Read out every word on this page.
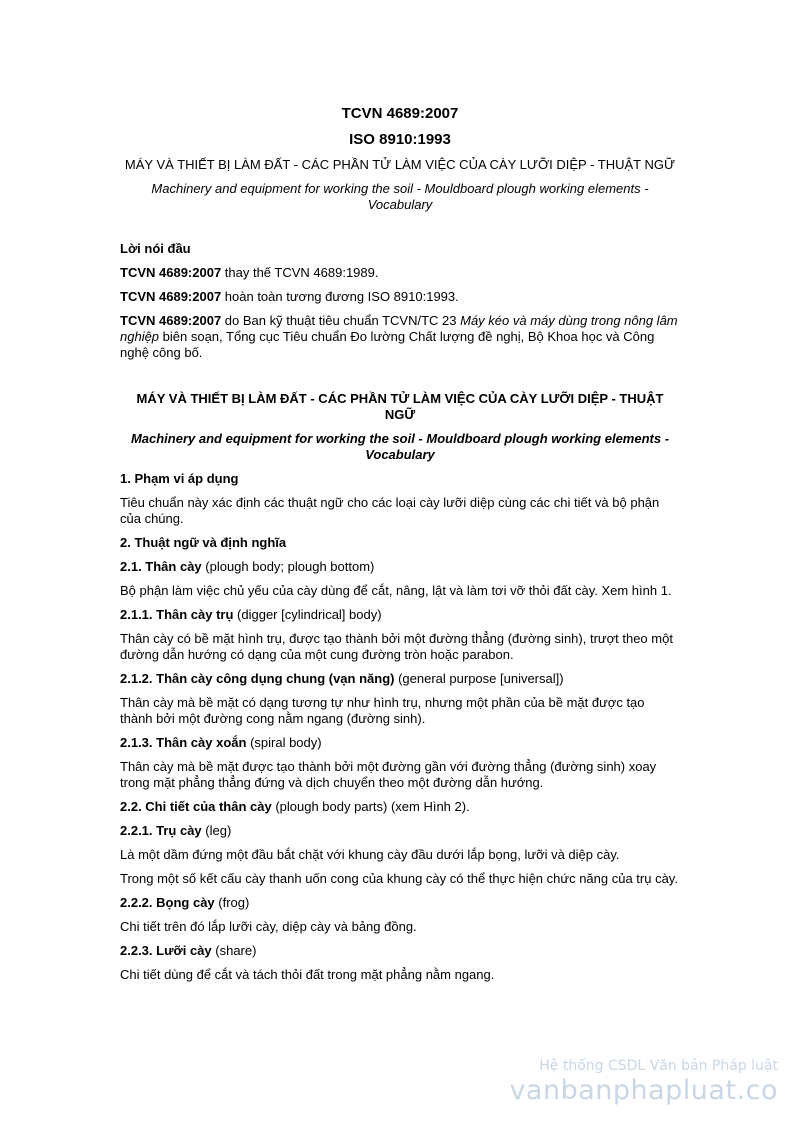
TCVN 4689:2007
ISO 8910:1993

MÁY VÀ THIẾT BỊ LÀM ĐẤT - CÁC PHẦN TỬ LÀM VIỆC CỦA CÀY LƯỠI DIỆP - THUẬT NGỮ

Machinery and equipment for working the soil - Mouldboard plough working elements - Vocabulary

Lời nói đầu

TCVN 4689:2007 thay thế TCVN 4689:1989.

TCVN 4689:2007 hoàn toàn tương đương ISO 8910:1993.

TCVN 4689:2007 do Ban kỹ thuật tiêu chuẩn TCVN/TC 23 Máy kéo và máy dùng trong nông lâm nghiệp biên soạn, Tổng cục Tiêu chuẩn Đo lường Chất lượng đề nghị, Bộ Khoa học và Công nghệ công bố.

MÁY VÀ THIẾT BỊ LÀM ĐẤT - CÁC PHẦN TỬ LÀM VIỆC CỦA CÀY LƯỠI DIỆP - THUẬT NGỮ

Machinery and equipment for working the soil - Mouldboard plough working elements - Vocabulary

1. Phạm vi áp dụng

Tiêu chuẩn này xác định các thuật ngữ cho các loại cày lưỡi diệp cùng các chi tiết và bộ phận của chúng.

2. Thuật ngữ và định nghĩa

2.1. Thân cày (plough body; plough bottom)

Bộ phận làm việc chủ yếu của cày dùng để cắt, nâng, lật và làm tơi vỡ thỏi đất cày. Xem hình 1.

2.1.1. Thân cày trụ (digger [cylindrical] body)

Thân cày có bề mặt hình trụ, được tạo thành bởi một đường thẳng (đường sinh), trượt theo một đường dẫn hướng có dạng của một cung đường tròn hoặc parabon.

2.1.2. Thân cày công dụng chung (vạn năng) (general purpose [universal])

Thân cày mà bề mặt có dạng tương tự như hình trụ, nhưng một phần của bề mặt được tạo thành bởi một đường cong nằm ngang (đường sinh).

2.1.3. Thân cày xoắn (spiral body)

Thân cày mà bề mặt được tạo thành bởi một đường gần với đường thẳng (đường sinh) xoay trong mặt phẳng thẳng đứng và dịch chuyển theo một đường dẫn hướng.

2.2. Chi tiết của thân cày (plough body parts) (xem Hình 2).

2.2.1. Trụ cày (leg)

Là một dầm đứng một đầu bắt chặt với khung cày đầu dưới lắp bọng, lưỡi và diệp cày.

Trong một số kết cấu cày thanh uốn cong của khung cày có thể thực hiện chức năng của trụ cày.

2.2.2. Bọng cày (frog)

Chi tiết trên đó lắp lưỡi cày, diệp cày và bảng đồng.

2.2.3. Lưỡi cày (share)

Chi tiết dùng để cắt và tách thỏi đất trong mặt phẳng nằm ngang.

Hệ thống CSDL Văn bản Pháp luật
vanbanphapluat.co
